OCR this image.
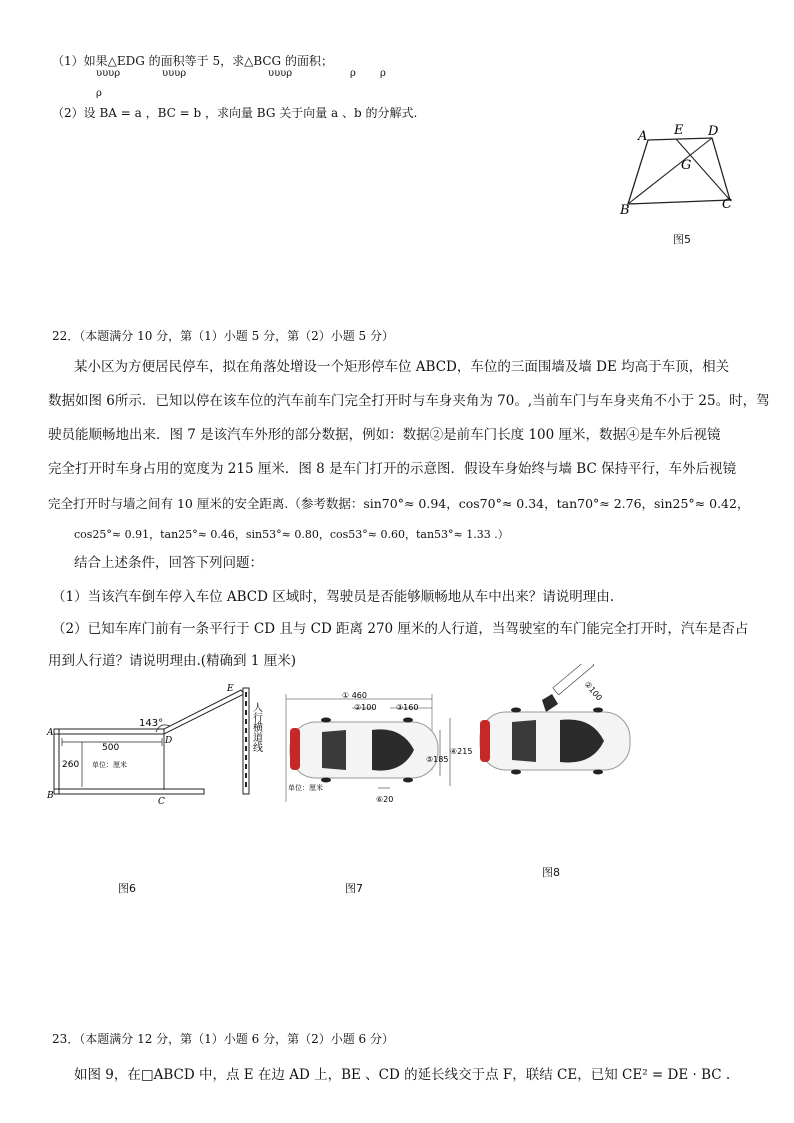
（1）如果△EDG 的面积等于 5，求△BCG 的面积；
υυυρ	υυυρ	υυυρ	ρ ρ
ρ
（2）设 BA = a ，BC = b ，求向量 BG 关于向量 a 、b 的分解式.
A E D
G
B	C
图5
22．（本题满分 10 分，第（1）小题 5 分，第（2）小题 5 分）
某小区为方便居民停车，拟在角落处增设一个矩形停车位 ABCD，车位的三面围墙及墙 DE 均高于车顶，相关
数据如图 6所示．已知以停在该车位的汽车前车门完全打开时与车身夹角为 70。,当前车门与车身夹角不小于 25。时，驾
驶员能顺畅地出来．图 7 是该汽车外形的部分数据，例如：数据②是前车门长度 100 厘米，数据④是车外后视镜
完全打开时车身占用的宽度为 215 厘米．图 8 是车门打开的示意图．假设车身始终与墙 BC 保持平行，车外后视镜
完全打开时与墙之间有 10 厘米的安全距离.（参考数据：sin70°≈ 0.94，cos70°≈ 0.34，tan70°≈ 2.76，sin25°≈ 0.42，
cos25°≈ 0.91，tan25°≈ 0.46，sin53°≈ 0.80，cos53°≈ 0.60，tan53°≈ 1.33 .）
结合上述条件，回答下列问题：
（1）当该汽车倒车停入车位 ABCD 区域时，驾驶员是否能够顺畅地从车中出来？请说明理由.
（2）已知车库门前有一条平行于 CD 且与 CD 距离 270 厘米的人行道，当驾驶室的车门能完全打开时，汽车是否占
用到人行道？请说明理由.(精确到 1 厘米)
143°
500
260 单位：厘米
A
B
C
D
E
人行横道线
图6
① 460
②100 ③160
④215
⑤185
⑥20
单位：厘米
图7
②100
图8
23．（本题满分 12 分，第（1）小题 6 分，第（2）小题 6 分）
如图 9，在□ABCD 中，点 E 在边 AD 上，BE 、CD 的延长线交于点 F，联结 CE，已知 CE² = DE · BC .
